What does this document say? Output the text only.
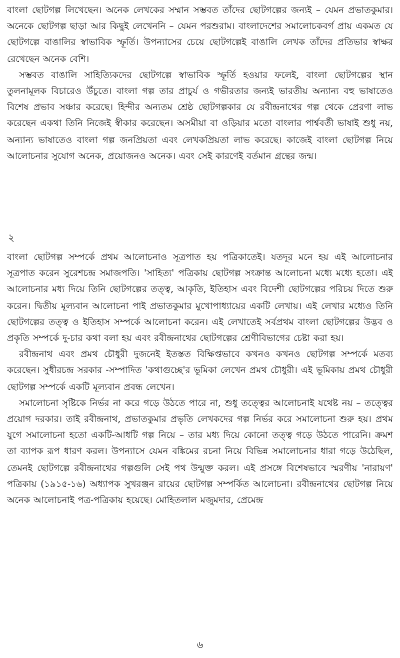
বাংলা ছোটগল্প লিখেছেন। অনেক লেখকের সম্মান সম্ভবত তাঁদের ছোটগল্পের জন্যই – যেমন প্রভাতকুমার। অনেকে ছোটগল্প ছাড়া আর কিছুই লেখেননি – যেমন পরশুরাম। বাংলাদেশের সমালোচকবর্গ প্রায় একমত যে ছোটগল্পে বাঙালির স্বাভাবিক স্ফূর্তি। উপন্যাসের চেয়ে ছোটগল্পেই বাঙালি লেখক তাঁদের প্রতিভার স্বাক্ষর রেখেছেন অনেক বেশি।

সম্ভবত বাঙালি সাহিত্যিকদের ছোটগল্পে স্বাভাবিক স্ফূর্তি হওয়ার ফলেই, বাংলা ছোটগল্পের স্থান তুলনামূলক বিচারেও উঁচুতে। বাংলা গল্প তার প্রাচুর্য ও গভীরতার জন্যই ভারতীয় অন্যান্য বহু ভাষাতেও বিশেষ প্রভাব সঞ্চার করেছে। হিন্দীর অন্যতম শ্রেষ্ঠ ছোটগল্পকার যে রবীন্দ্রনাথের গল্প থেকে প্রেরণা লাভ করেছেন একথা তিনি নিজেই স্বীকার করেছেন। অসমীয়া বা ওড়িয়ার মতো বাংলার পার্শ্ববর্তী ভাষাই শুধু নয়, অন্যান্য ভাষাতেও বাংলা গল্প জনপ্রিয়তা এবং লেখকপ্রিয়তা লাভ করেছে। কাজেই বাংলা ছোটগল্প নিয়ে আলোচনার সুযোগ অনেক, প্রয়োজনও অনেক। এবং সেই কারণেই বর্তমান গ্রন্থের জন্ম।

২

বাংলা ছোটগল্প সম্পর্কে প্রথম আলোচনাও সূত্রপাত হয় পত্রিকাতেই। যতদূর মনে হয় এই আলোচনার সূত্রপাত করেন সুরেশচন্দ্র সমাজপতি। 'সাহিত্য' পত্রিকায় ছোটগল্প সংক্রান্ত আলোচনা মধ্যে মধ্যে হতো। এই আলোচনার মধ্য দিয়ে তিনি ছোটগল্পের তত্ত্ব, আকৃতি, ইতিহাস এবং বিদেশী ছোটগল্পের পরিচয় দিতে শুরু করেন। দ্বিতীয় মূল্যবান আলোচনা পাই প্রভাতকুমার মুখোপাধ্যায়ের একটি লেখায়। এই লেখার মধ্যেও তিনি ছোটগল্পের তত্ত্ব ও ইতিহাস সম্পর্কে আলোচনা করেন। এই লেখাতেই সর্বপ্রথম বাংলা ছোটগল্পের উদ্ভব ও প্রকৃতি সম্পর্কে দু-চার কথা বলা হয় এবং রবীন্দ্রনাথের ছোটগল্পের শ্রেণীবিভাগের চেষ্টা করা হয়।

রবীন্দ্রনাথ এবং প্রমথ চৌধুরী দুজনেই ইতস্তত বিক্ষিপ্তভাবে কখনও কখনও ছোটগল্প সম্পর্কে মতব্য করেছেন। সুধীরচন্দ্র সরকার -সম্পাদিত 'কথাগুচ্ছে'র ভূমিকা লেখেন প্রমথ চৌধুরী। এই ভূমিকায় প্রমথ চৌধুরী ছোটগল্প সম্পর্কে একটি মূল্যবান প্রবন্ধ লেখেন।

সমালোচনা সৃষ্টিকে নির্ভর না করে গড়ে উঠতে পারে না, শুধু তত্ত্বের আলোচনাই যথেষ্ট নয় – তত্ত্বের প্রয়োগ দরকার। তাই রবীন্দ্রনাথ, প্রভাতকুমার প্রভৃতি লেখকদের গল্প নির্ভর করে সমালোচনা শুরু হয়। প্রথম যুগে সমালোচনা হতো একটি-আধটি গল্প নিয়ে – তার মধ্য দিয়ে কোনো তত্ত্ব গড়ে উঠতে পারেনি। ক্রমশ তা ব্যাপক রূপ ধারণ করল। উপন্যাসে যেমন বঙ্কিমের রচনা নিয়ে বিভিন্ন সমালোচনার ধারা গড়ে উঠেছিল, তেমনই ছোটগল্পে রবীন্দ্রনাথের গল্পগুলি সেই পথ উন্মুক্ত করল। এই প্রসঙ্গে বিশেষভাবে স্মরণীয় 'নারায়ণ' পত্রিকায় (১৯১৫-১৬) অধ্যাপক সুখরঞ্জন রায়ের ছোটগল্প সম্পর্কিত আলোচনা। রবীন্দ্রনাথের ছোটগল্প নিয়ে অনেক আলোচনাই পত্র-পত্রিকায় হয়েছে। মোহিতলাল মজুমদার, প্রেমেন্দ্র

৬
